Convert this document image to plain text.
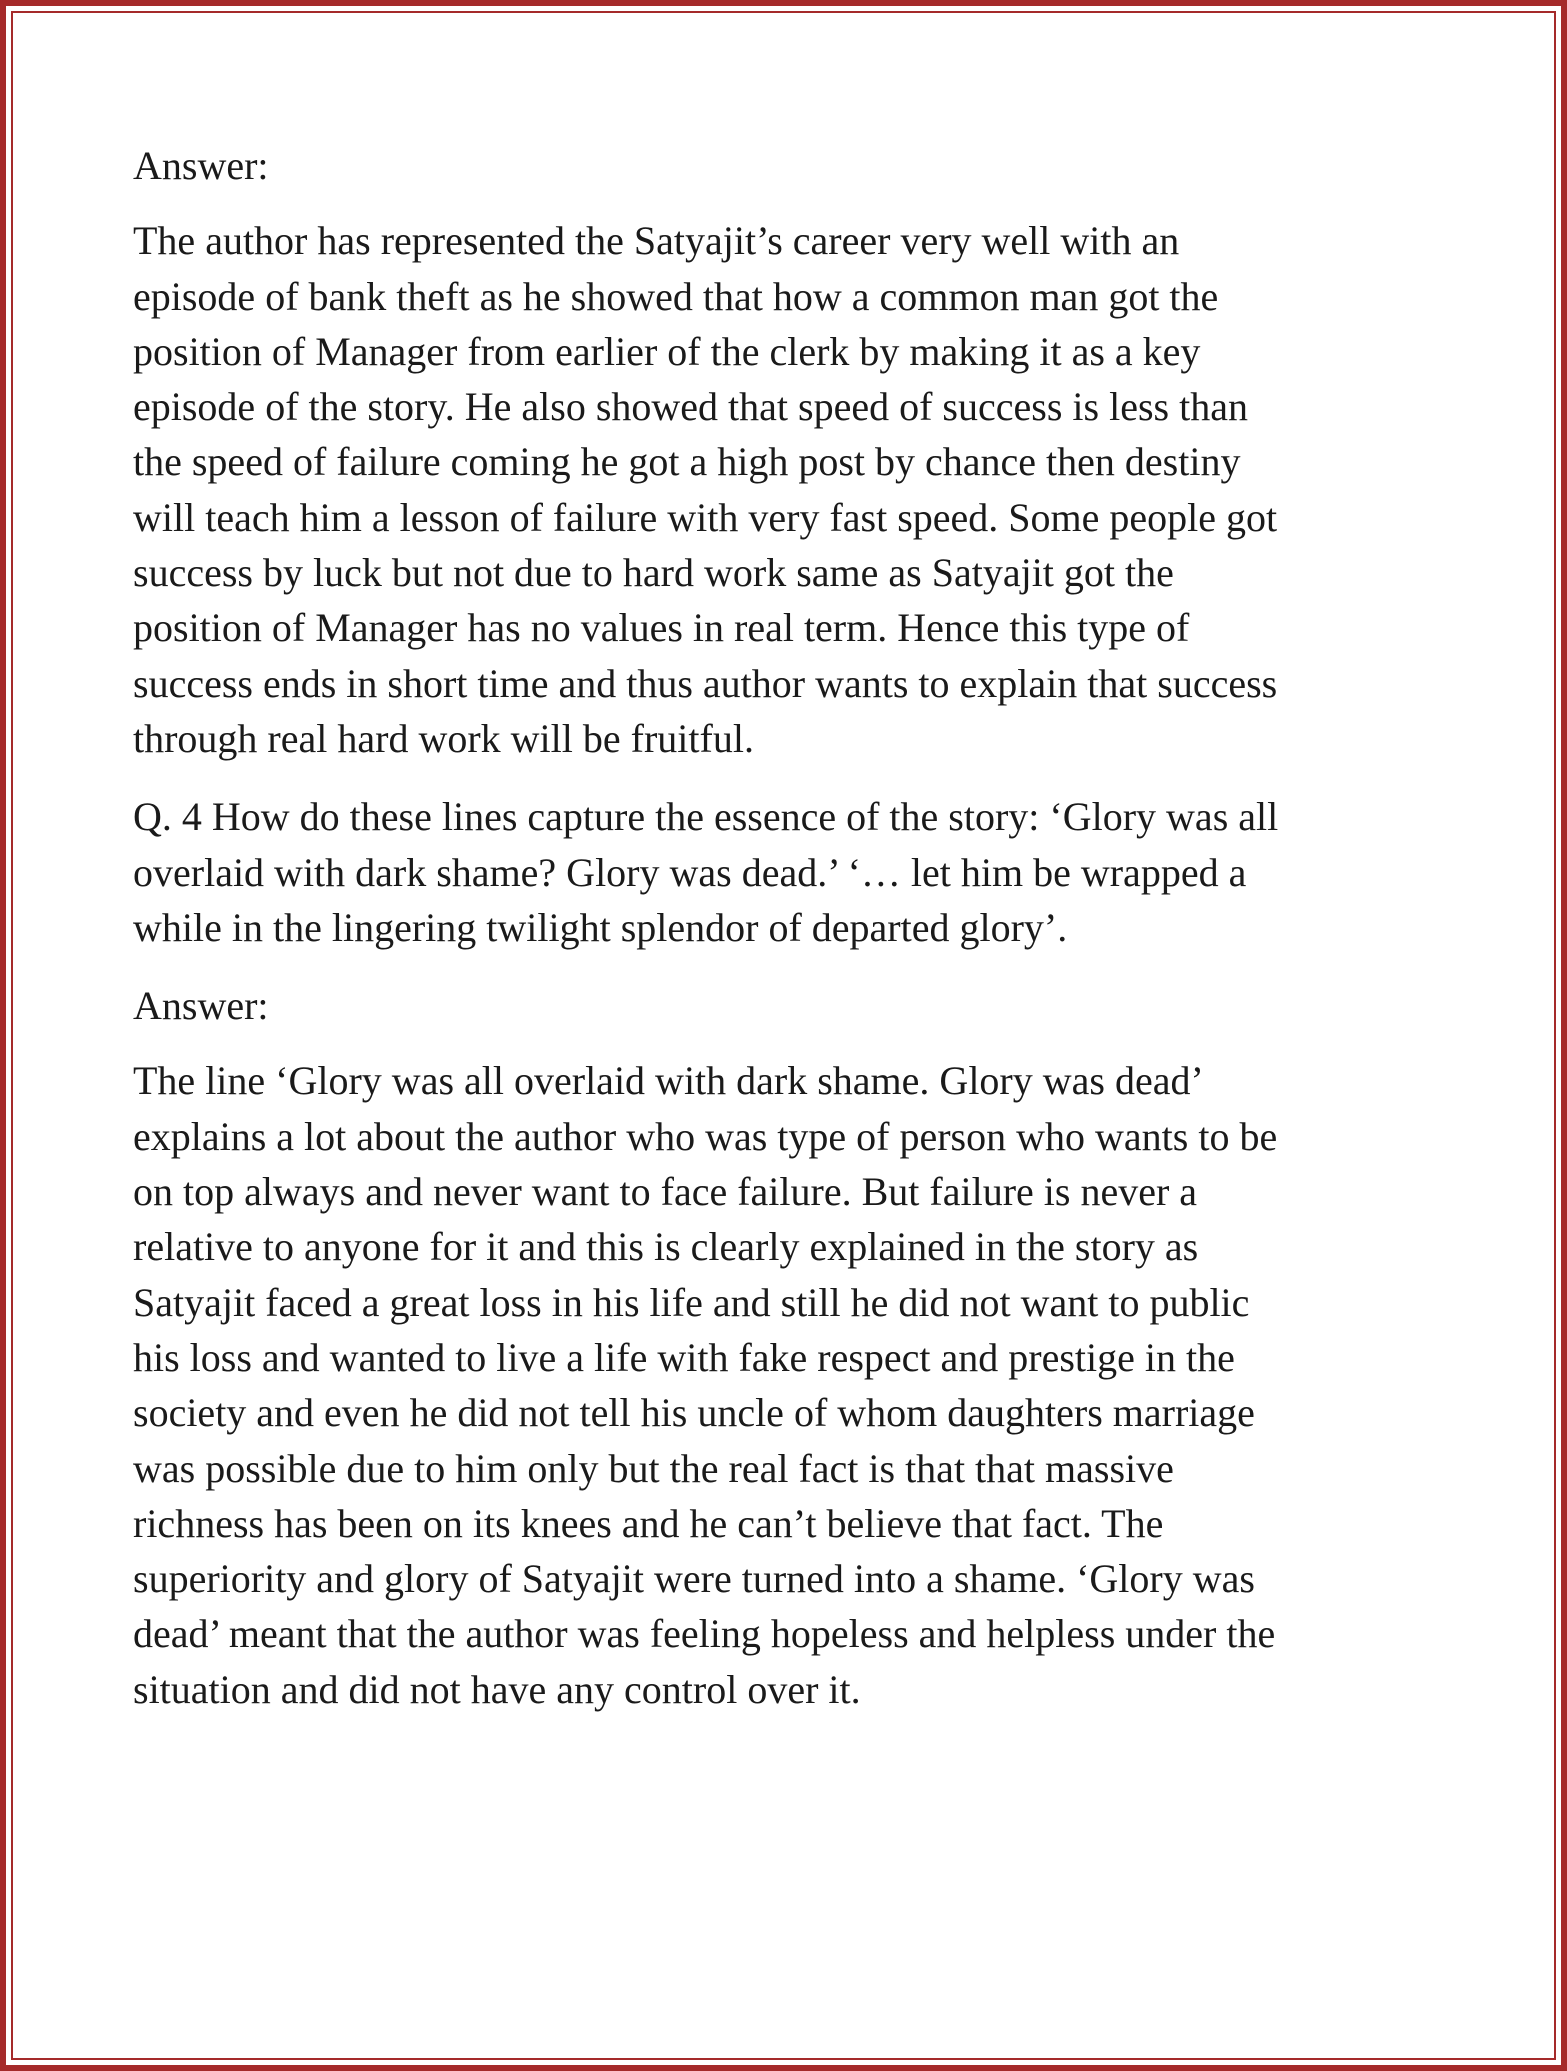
Answer:

The author has represented the Satyajit’s career very well with an
episode of bank theft as he showed that how a common man got the
position of Manager from earlier of the clerk by making it as a key
episode of the story. He also showed that speed of success is less than
the speed of failure coming he got a high post by chance then destiny
will teach him a lesson of failure with very fast speed. Some people got
success by luck but not due to hard work same as Satyajit got the
position of Manager has no values in real term. Hence this type of
success ends in short time and thus author wants to explain that success
through real hard work will be fruitful.

Q. 4 How do these lines capture the essence of the story: ‘Glory was all
overlaid with dark shame? Glory was dead.’ ‘… let him be wrapped a
while in the lingering twilight splendor of departed glory’.

Answer:

The line ‘Glory was all overlaid with dark shame. Glory was dead’
explains a lot about the author who was type of person who wants to be
on top always and never want to face failure. But failure is never a
relative to anyone for it and this is clearly explained in the story as
Satyajit faced a great loss in his life and still he did not want to public
his loss and wanted to live a life with fake respect and prestige in the
society and even he did not tell his uncle of whom daughters marriage
was possible due to him only but the real fact is that that massive
richness has been on its knees and he can’t believe that fact. The
superiority and glory of Satyajit were turned into a shame. ‘Glory was
dead’ meant that the author was feeling hopeless and helpless under the
situation and did not have any control over it.
